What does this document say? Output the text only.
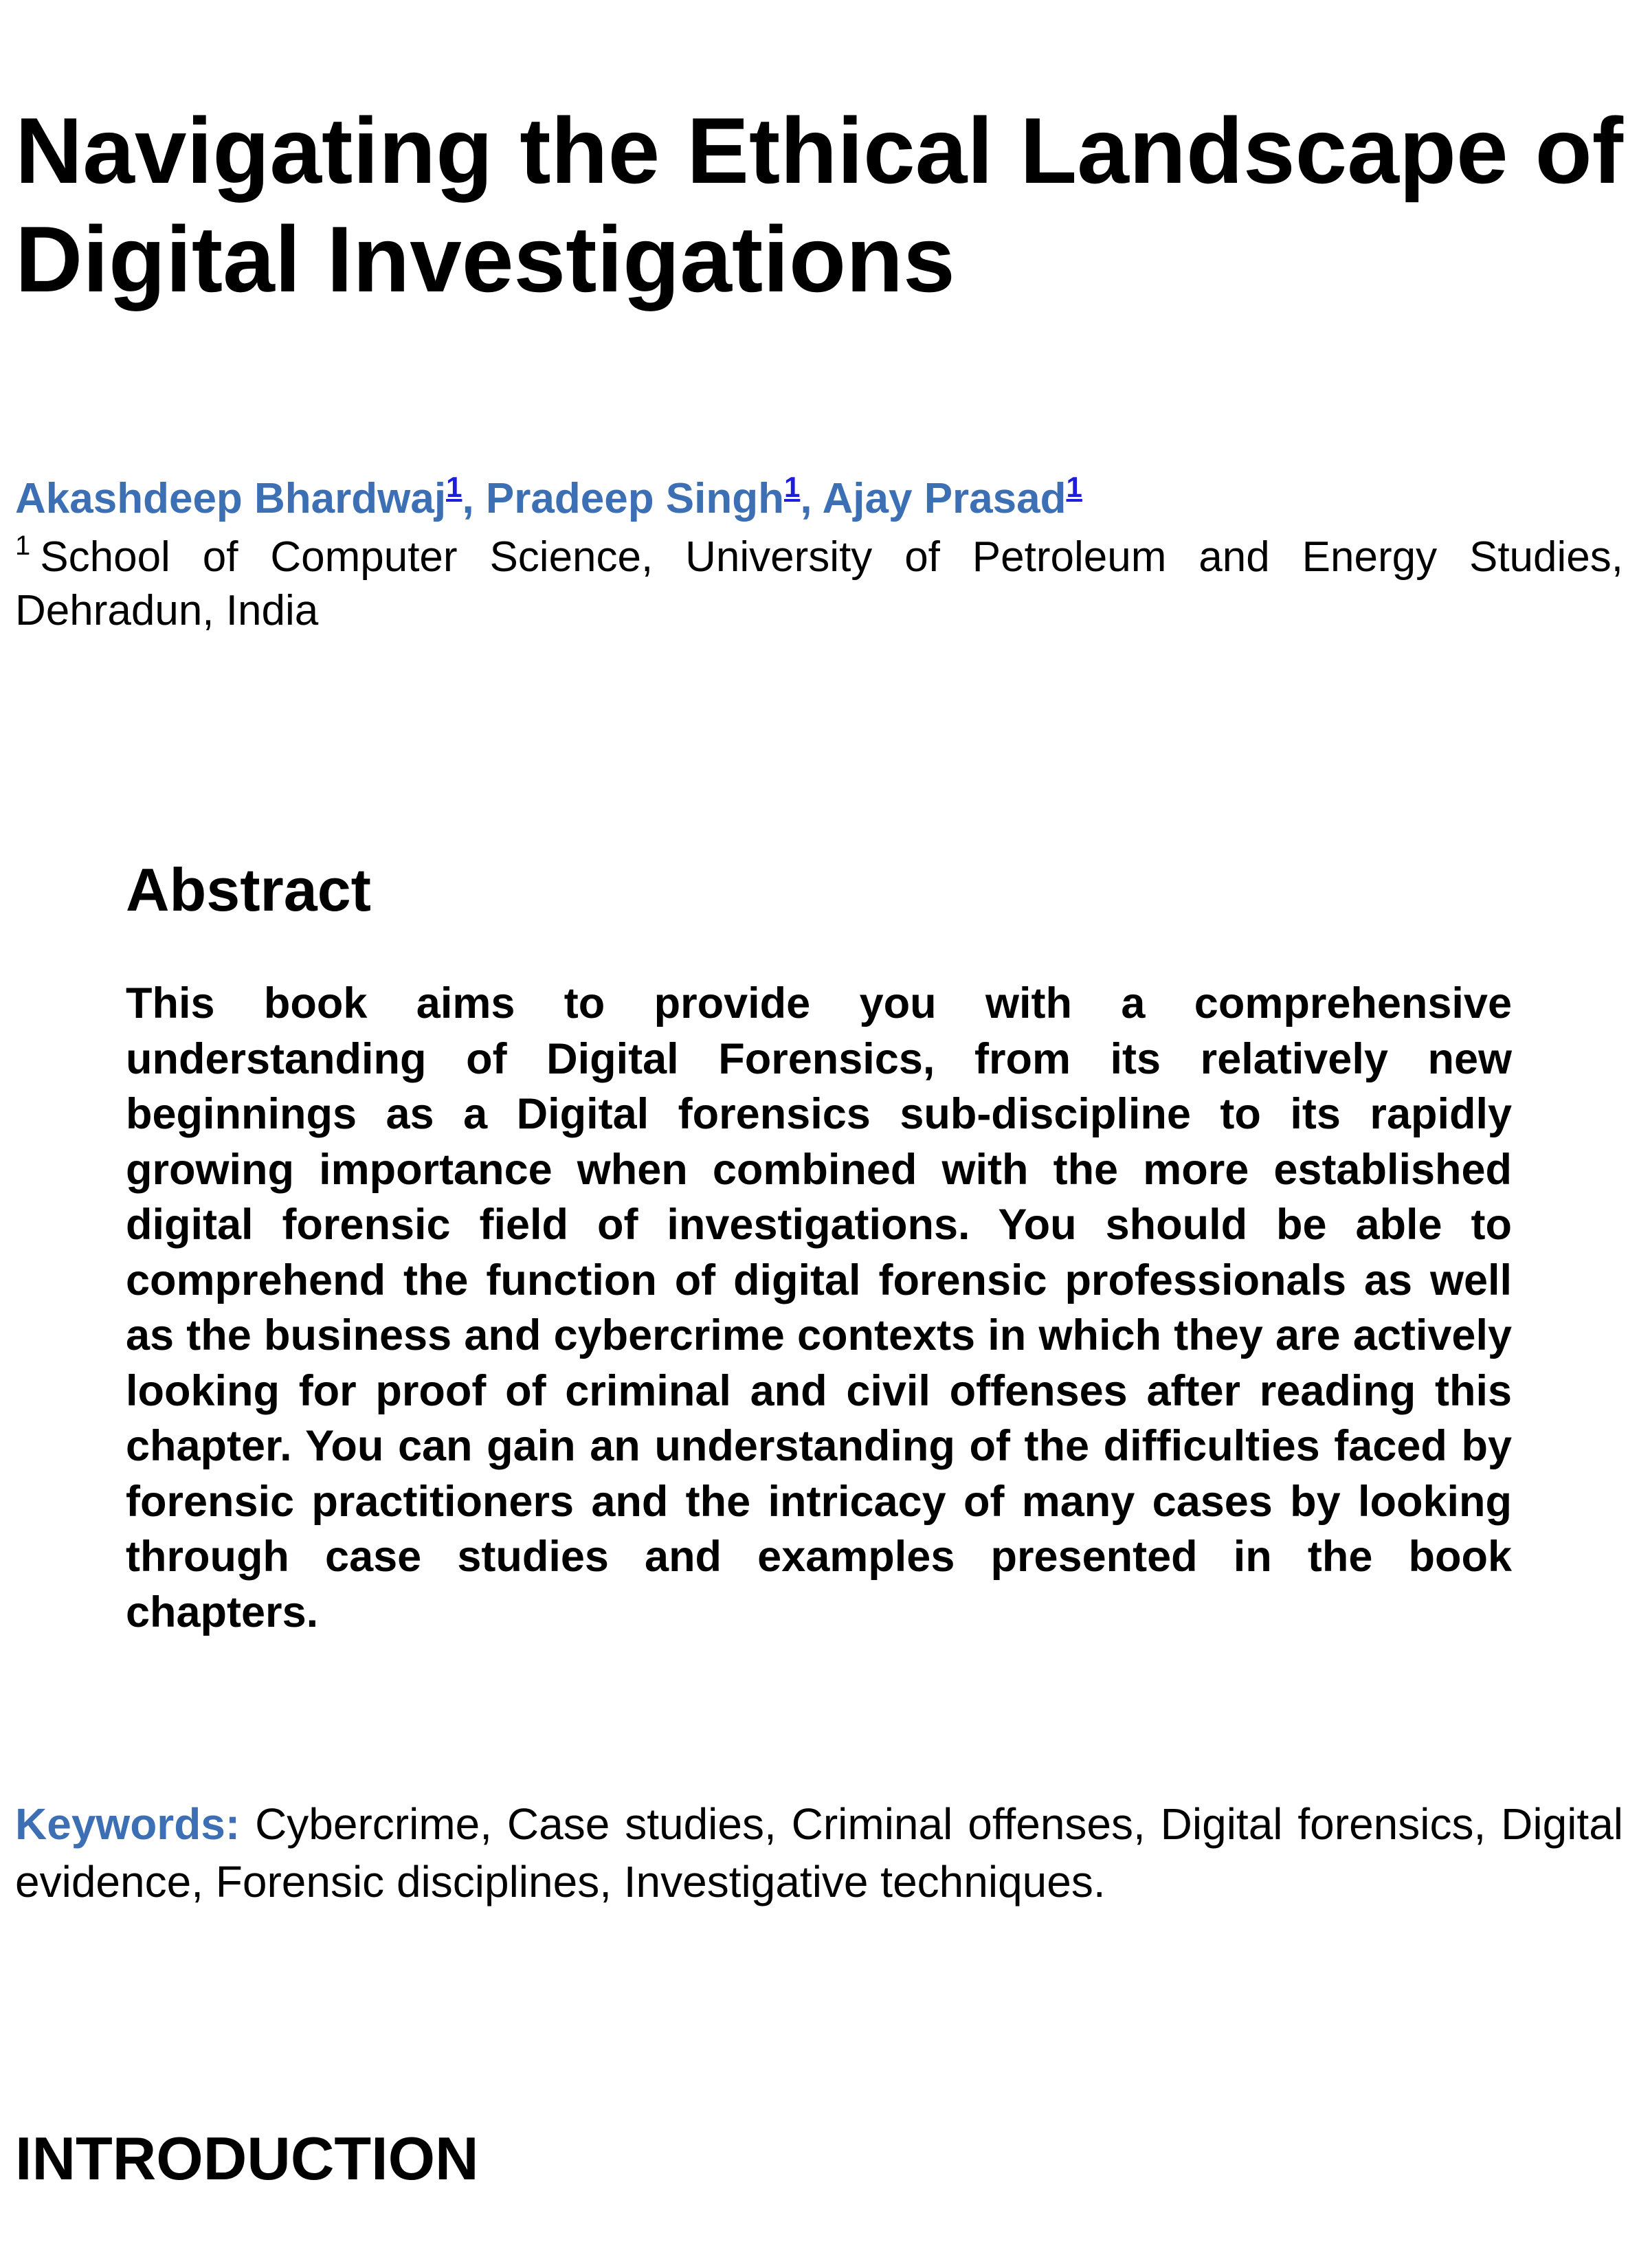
Navigating the Ethical Landscape of Digital Investigations
Akashdeep Bhardwaj$^1$, Pradeep Singh$^1$, Ajay Prasad$^1$
$^1$ School of Computer Science, University of Petroleum and Energy Studies, Dehradun, India
Abstract

This book aims to provide you with a comprehensive understanding of Digital Forensics, from its relatively new beginnings as a Digital forensics sub-discipline to its rapidly growing importance when combined with the more established digital forensic field of investigations. You should be able to comprehend the function of digital forensic professionals as well as the business and cybercrime contexts in which they are actively looking for proof of criminal and civil offenses after reading this chapter. You can gain an understanding of the difficulties faced by forensic practitioners and the intricacy of many cases by looking through case studies and examples presented in the book chapters.

Keywords: Cybercrime, Case studies, Criminal offenses, Digital forensics, Digital evidence, Forensic disciplines, Investigative techniques.

INTRODUCTION
